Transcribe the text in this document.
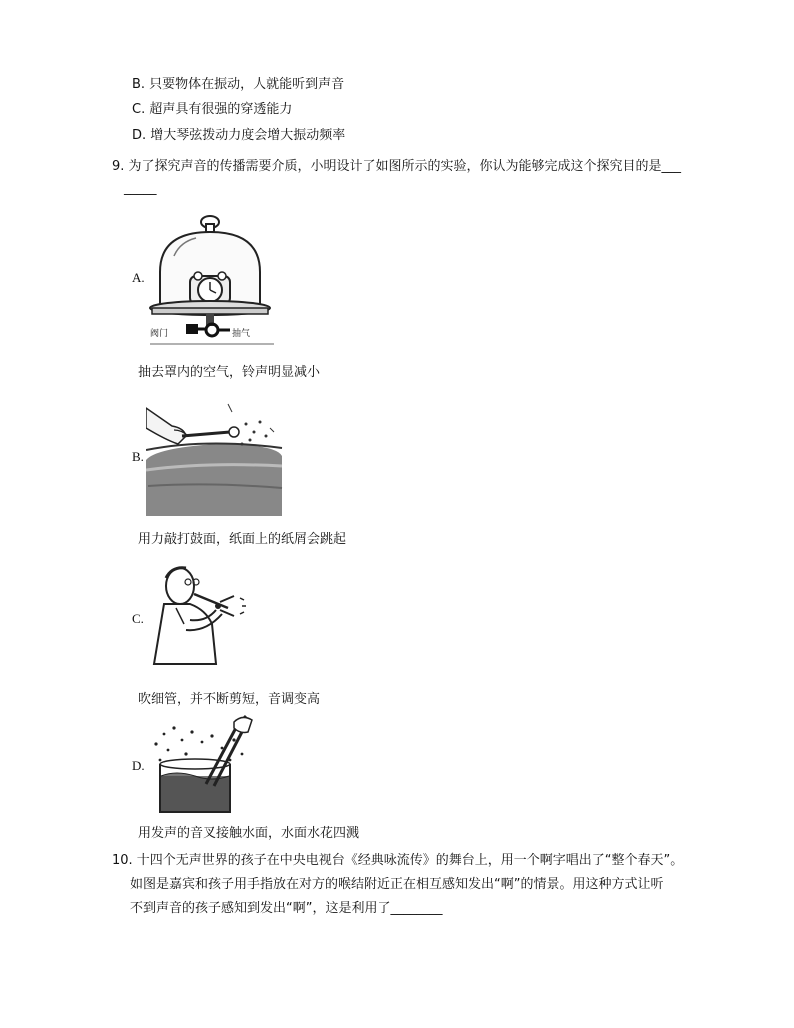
B. 只要物体在振动，人就能听到声音
C. 超声具有很强的穿透能力
D. 增大琴弦拨动力度会增大振动频率
9. 为了探究声音的传播需要介质，小明设计了如图所示的实验，你认为能够完成这个探究目的是___
_____
A.
阀门	抽气
抽去罩内的空气，铃声明显减小
B.
用力敲打鼓面，纸面上的纸屑会跳起
C.
吹细管，并不断剪短，音调变高
D.
用发声的音叉接触水面，水面水花四溅
10. 十四个无声世界的孩子在中央电视台《经典咏流传》的舞台上，用一个啊字唱出了“整个春天”。
如图是嘉宾和孩子用手指放在对方的喉结附近正在相互感知发出“啊”的情景。用这种方式让听
不到声音的孩子感知到发出“啊”，这是利用了________
